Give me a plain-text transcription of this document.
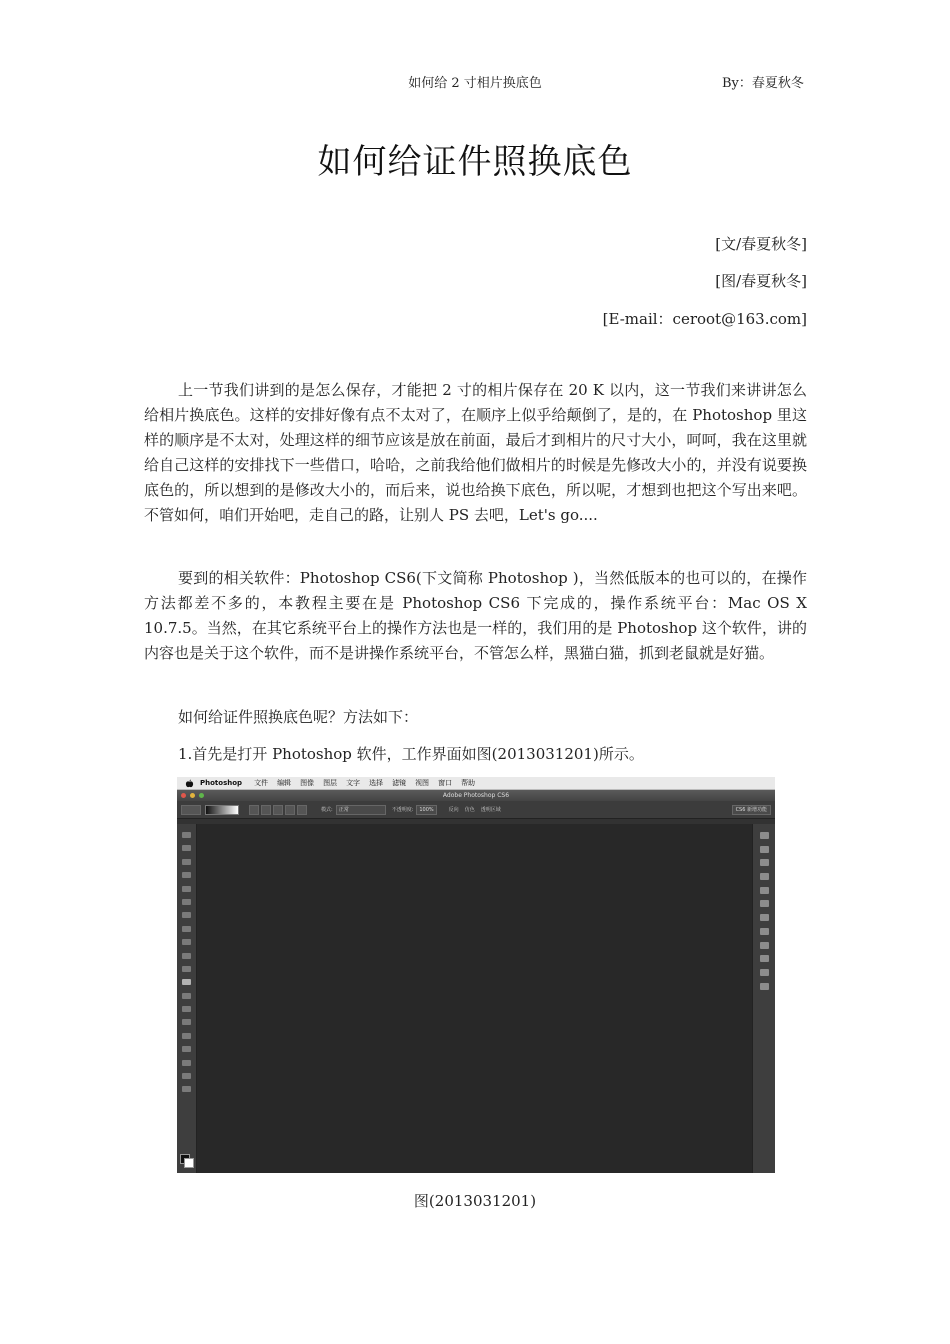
如何给 2 寸相片换底色	By：春夏秋冬
如何给证件照换底色
[文/春夏秋冬]
[图/春夏秋冬]
[E-mail：ceroot@163.com]

上一节我们讲到的是怎么保存，才能把 2 寸的相片保存在 20 K 以内，这一节我们来讲讲怎么给相片换底色。这样的安排好像有点不太对了，在顺序上似乎给颠倒了，是的，在 Photoshop 里这样的顺序是不太对，处理这样的细节应该是放在前面，最后才到相片的尺寸大小，呵呵，我在这里就给自己这样的安排找下一些借口，哈哈，之前我给他们做相片的时候是先修改大小的，并没有说要换底色的，所以想到的是修改大小的，而后来，说也给换下底色，所以呢，才想到也把这个写出来吧。不管如何，咱们开始吧，走自己的路，让别人 PS 去吧，Let's go....

要到的相关软件：Photoshop CS6(下文简称 Photoshop )，当然低版本的也可以的，在操作方法都差不多的，本教程主要在是 Photoshop CS6 下完成的，操作系统平台：Mac OS X 10.7.5。当然，在其它系统平台上的操作方法也是一样的，我们用的是 Photoshop 这个软件，讲的内容也是关于这个软件，而不是讲操作系统平台，不管怎么样，黑猫白猫，抓到老鼠就是好猫。

如何给证件照换底色呢？方法如下：
1.首先是打开 Photoshop 软件，工作界面如图(2013031201)所示。
Photoshop 文件 编辑 图像 图层 文字 选择 滤镜 视图 窗口 帮助
Adobe Photoshop CS6
模式:	正常	不透明度:	100%	反向 仿色 透明区域	CS6 新增功能
图(2013031201)
